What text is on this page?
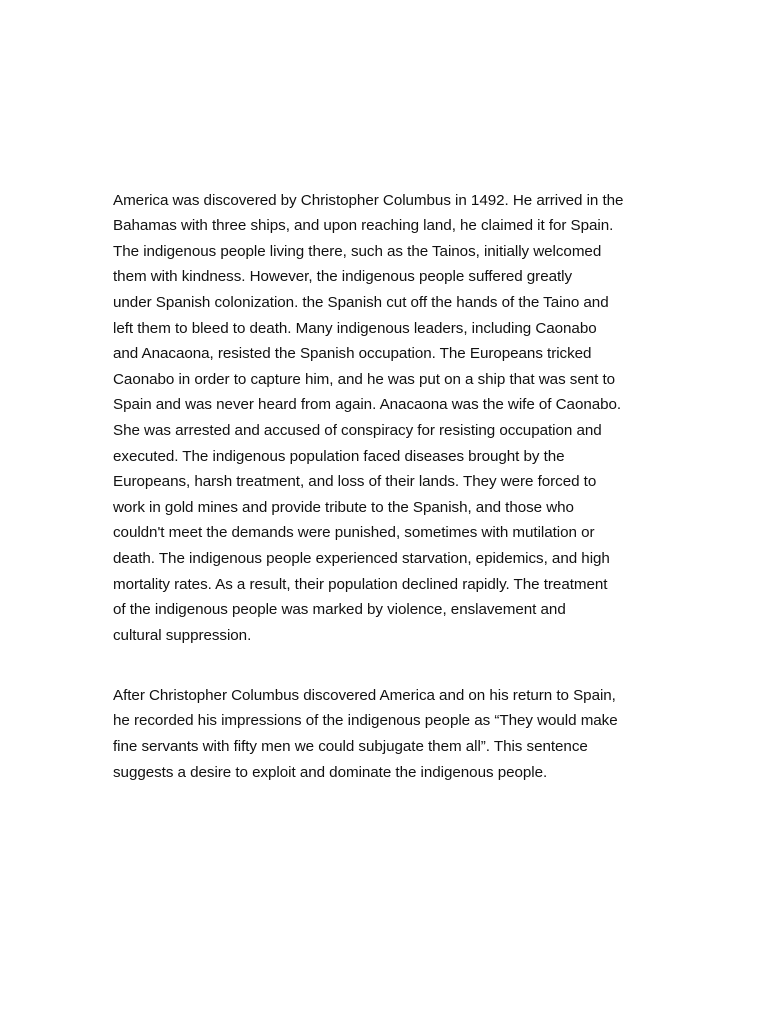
America was discovered by Christopher Columbus in 1492. He arrived in the
Bahamas with three ships, and upon reaching land, he claimed it for Spain.
The indigenous people living there, such as the Tainos, initially welcomed
them with kindness. However, the indigenous people suffered greatly
under Spanish colonization. the Spanish cut off the hands of the Taino and
left them to bleed to death. Many indigenous leaders, including Caonabo
and Anacaona, resisted the Spanish occupation. The Europeans tricked
Caonabo in order to capture him, and he was put on a ship that was sent to
Spain and was never heard from again. Anacaona was the wife of Caonabo.
She was arrested and accused of conspiracy for resisting occupation and
executed. The indigenous population faced diseases brought by the
Europeans, harsh treatment, and loss of their lands. They were forced to
work in gold mines and provide tribute to the Spanish, and those who
couldn't meet the demands were punished, sometimes with mutilation or
death. The indigenous people experienced starvation, epidemics, and high
mortality rates. As a result, their population declined rapidly. The treatment
of the indigenous people was marked by violence, enslavement and
cultural suppression.

After Christopher Columbus discovered America and on his return to Spain,
he recorded his impressions of the indigenous people as “They would make
fine servants with fifty men we could subjugate them all”. This sentence
suggests a desire to exploit and dominate the indigenous people.
